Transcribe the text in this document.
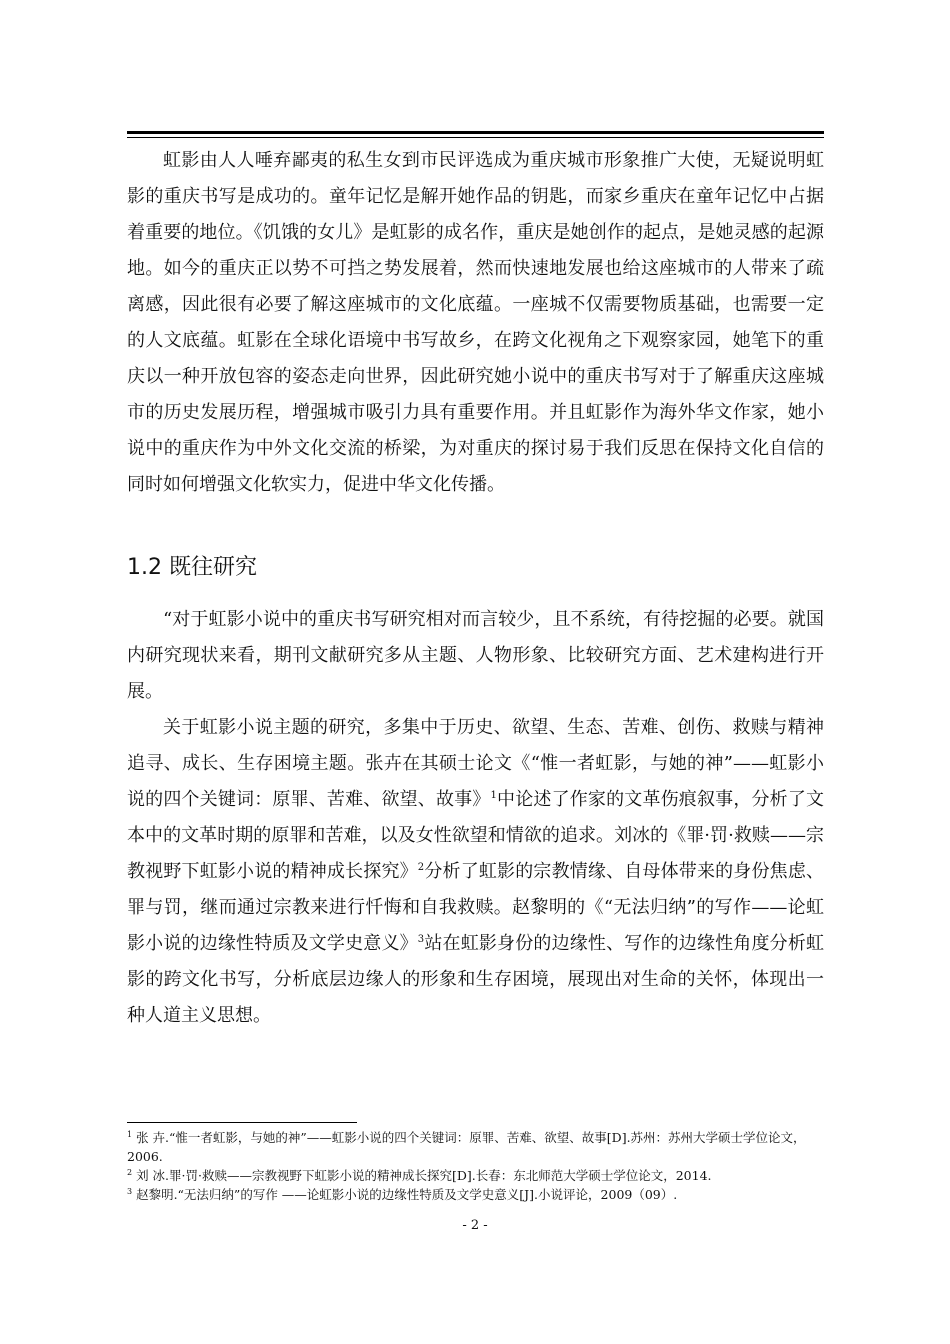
虹影由人人唾弃鄙夷的私生女到市民评选成为重庆城市形象推广大使，无疑说明虹影的重庆书写是成功的。童年记忆是解开她作品的钥匙，而家乡重庆在童年记忆中占据着重要的地位。《饥饿的女儿》是虹影的成名作，重庆是她创作的起点，是她灵感的起源地。如今的重庆正以势不可挡之势发展着，然而快速地发展也给这座城市的人带来了疏离感，因此很有必要了解这座城市的文化底蕴。一座城不仅需要物质基础，也需要一定的人文底蕴。虹影在全球化语境中书写故乡，在跨文化视角之下观察家园，她笔下的重庆以一种开放包容的姿态走向世界，因此研究她小说中的重庆书写对于了解重庆这座城市的历史发展历程，增强城市吸引力具有重要作用。并且虹影作为海外华文作家，她小说中的重庆作为中外文化交流的桥梁，为对重庆的探讨易于我们反思在保持文化自信的同时如何增强文化软实力，促进中华文化传播。

1.2 既往研究

“对于虹影小说中的重庆书写研究相对而言较少，且不系统，有待挖掘的必要。就国内研究现状来看，期刊文献研究多从主题、人物形象、比较研究方面、艺术建构进行开展。

关于虹影小说主题的研究，多集中于历史、欲望、生态、苦难、创伤、救赎与精神追寻、成长、生存困境主题。张卉在其硕士论文《“惟一者虹影，与她的神”——虹影小说的四个关键词：原罪、苦难、欲望、故事》$^1$中论述了作家的文革伤痕叙事，分析了文本中的文革时期的原罪和苦难，以及女性欲望和情欲的追求。刘冰的《罪·罚·救赎——宗教视野下虹影小说的精神成长探究》$^2$分析了虹影的宗教情缘、自母体带来的身份焦虑、罪与罚，继而通过宗教来进行忏悔和自我救赎。赵黎明的《“无法归纳”的写作——论虹影小说的边缘性特质及文学史意义》$^3$站在虹影身份的边缘性、写作的边缘性角度分析虹影的跨文化书写，分析底层边缘人的形象和生存困境，展现出对生命的关怀，体现出一种人道主义思想。

$^1$ 张 卉.“惟一者虹影，与她的神”——虹影小说的四个关键词：原罪、苦难、欲望、故事[D].苏州：苏州大学硕士学位论文，2006.
$^2$ 刘 冰.罪·罚·救赎——宗教视野下虹影小说的精神成长探究[D].长春：东北师范大学硕士学位论文，2014.
$^3$ 赵黎明.“无法归纳”的写作 ——论虹影小说的边缘性特质及文学史意义[J].小说评论，2009（09）.
- 2 -
